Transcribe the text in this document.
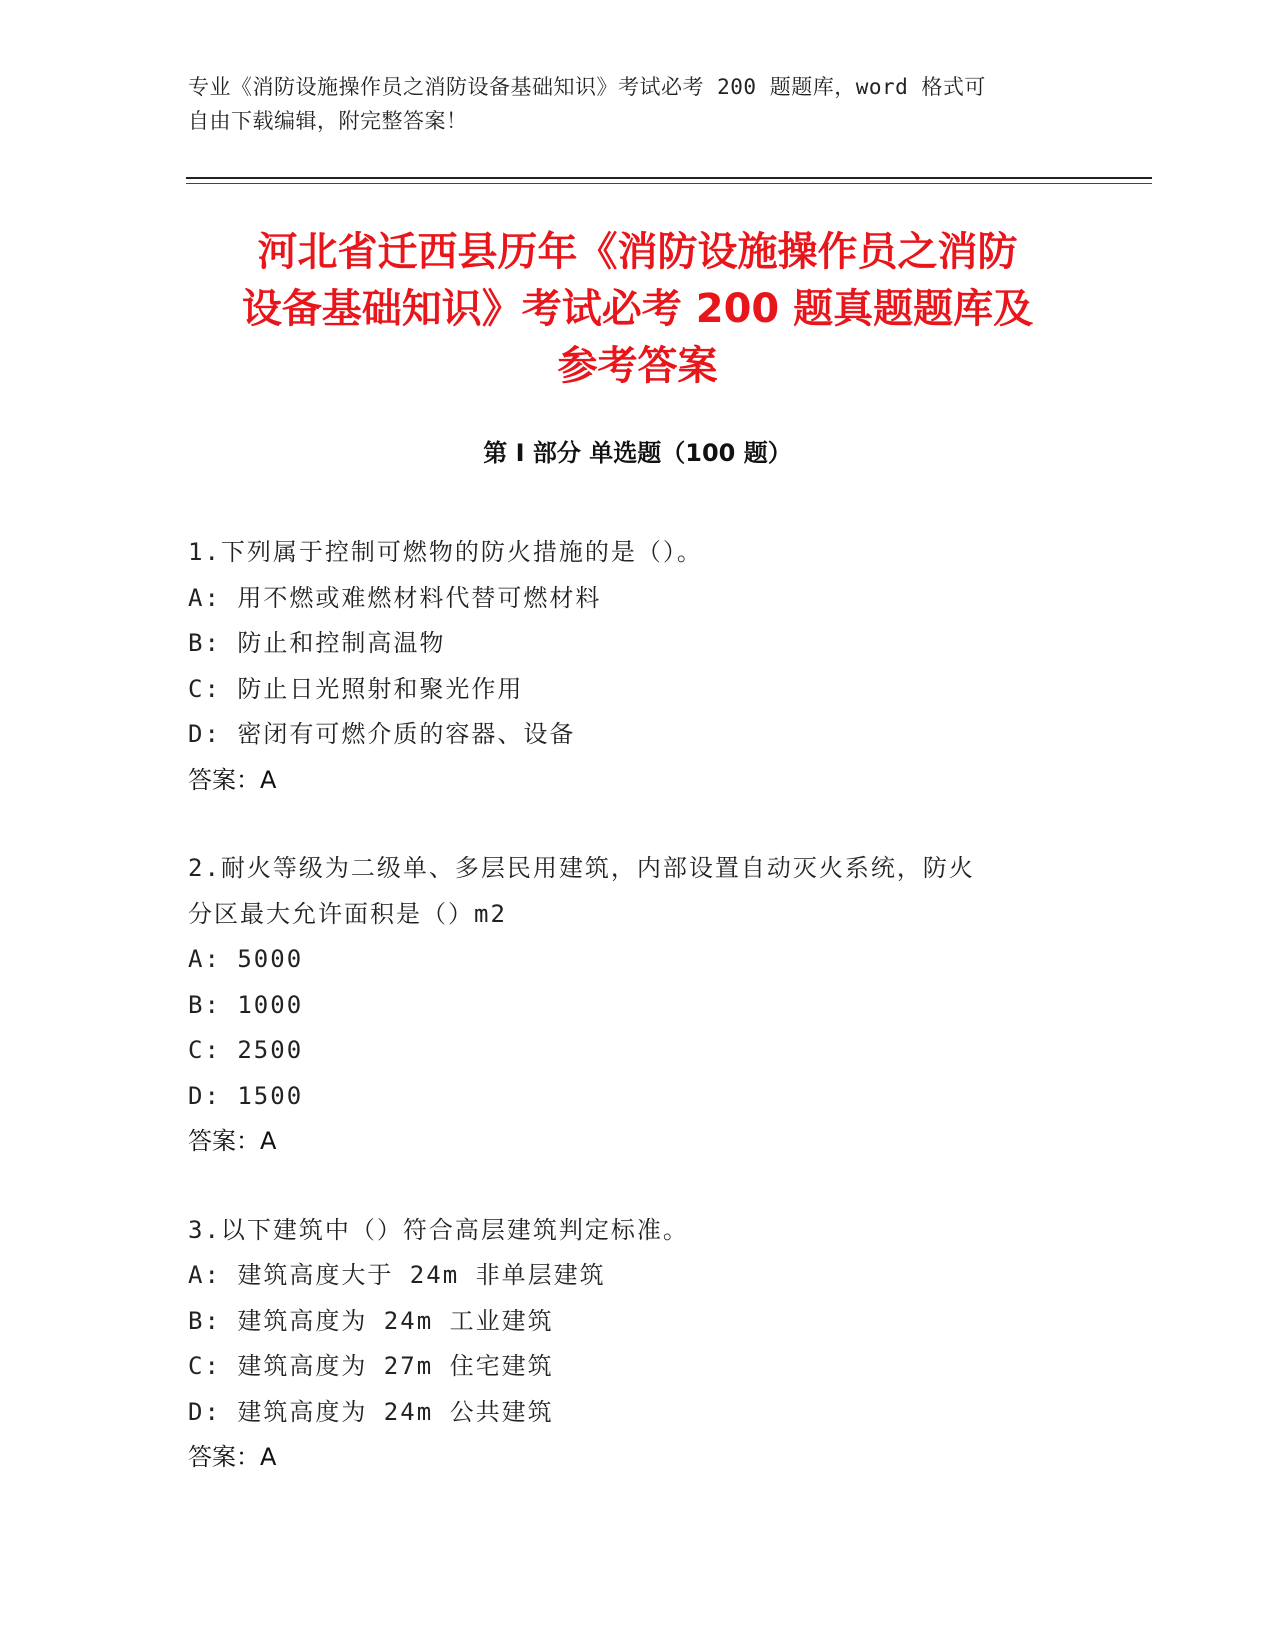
专业《消防设施操作员之消防设备基础知识》考试必考 200 题题库，word 格式可
自由下载编辑，附完整答案！
河北省迁西县历年《消防设施操作员之消防
设备基础知识》考试必考 200 题真题题库及
参考答案
第 I 部分 单选题（100 题）
1.下列属于控制可燃物的防火措施的是（）。
A: 用不燃或难燃材料代替可燃材料
B: 防止和控制高温物
C: 防止日光照射和聚光作用
D: 密闭有可燃介质的容器、设备
答案：A
2.耐火等级为二级单、多层民用建筑，内部设置自动灭火系统，防火
分区最大允许面积是（）m2
A: 5000
B: 1000
C: 2500
D: 1500
答案：A
3.以下建筑中（）符合高层建筑判定标准。
A: 建筑高度大于 24m 非单层建筑
B: 建筑高度为 24m 工业建筑
C: 建筑高度为 27m 住宅建筑
D: 建筑高度为 24m 公共建筑
答案：A
